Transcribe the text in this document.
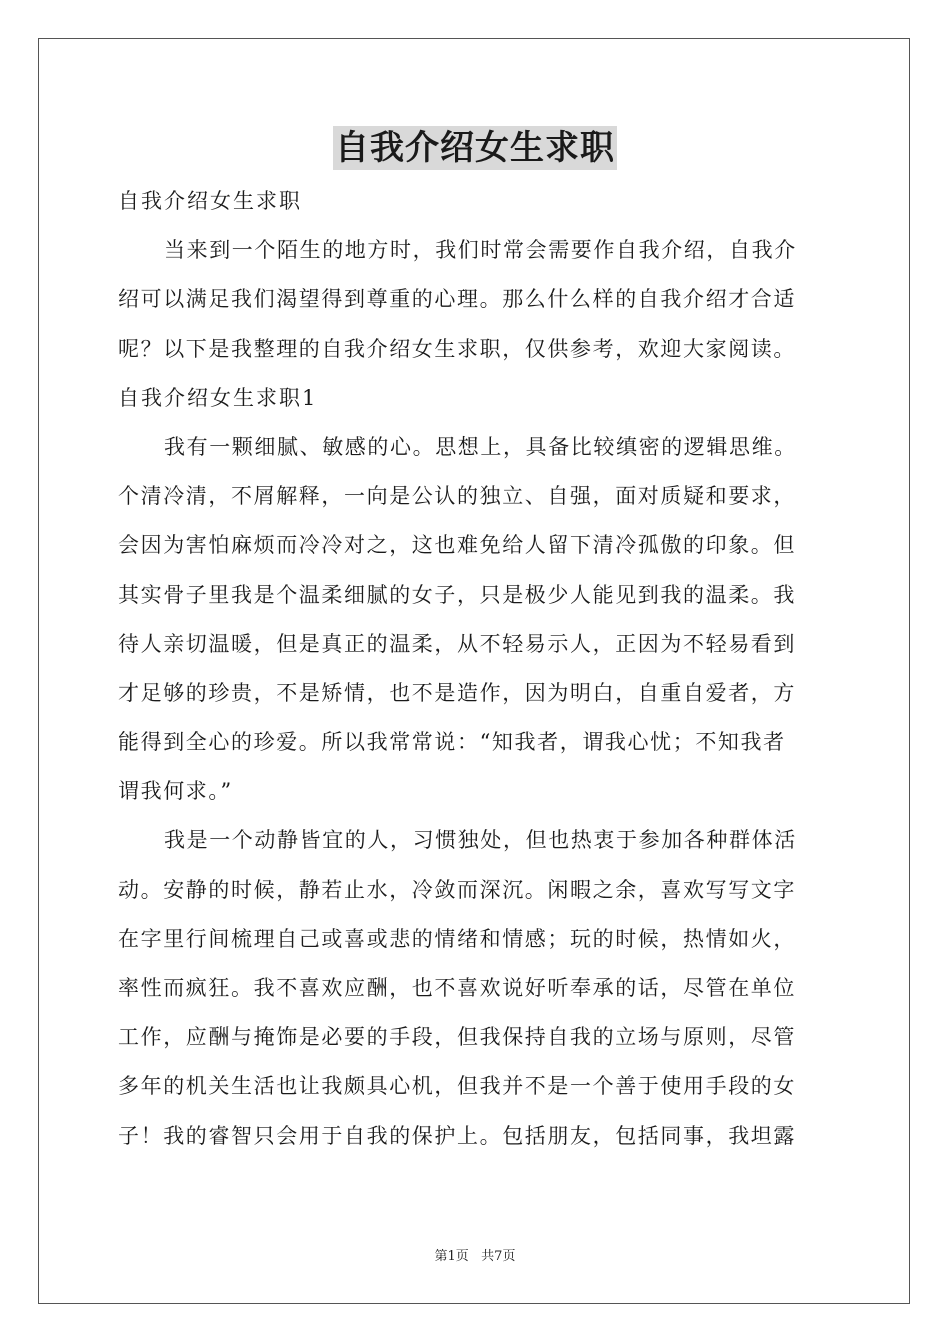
自我介绍女生求职
自我介绍女生求职
当来到一个陌生的地方时，我们时常会需要作自我介绍，自我介
绍可以满足我们渴望得到尊重的心理。那么什么样的自我介绍才合适
呢？以下是我整理的自我介绍女生求职，仅供参考，欢迎大家阅读。
自我介绍女生求职1
我有一颗细腻、敏感的心。思想上，具备比较缜密的逻辑思维。
个清冷清，不屑解释，一向是公认的独立、自强，面对质疑和要求，
会因为害怕麻烦而冷冷对之，这也难免给人留下清冷孤傲的印象。但
其实骨子里我是个温柔细腻的女子，只是极少人能见到我的温柔。我
待人亲切温暖，但是真正的温柔，从不轻易示人，正因为不轻易看到
才足够的珍贵，不是矫情，也不是造作，因为明白，自重自爱者，方
能得到全心的珍爱。所以我常常说：“知我者，谓我心忧；不知我者
谓我何求。”
我是一个动静皆宜的人，习惯独处，但也热衷于参加各种群体活
动。安静的时候，静若止水，冷敛而深沉。闲暇之余，喜欢写写文字
在字里行间梳理自己或喜或悲的情绪和情感；玩的时候，热情如火，
率性而疯狂。我不喜欢应酬，也不喜欢说好听奉承的话，尽管在单位
工作，应酬与掩饰是必要的手段，但我保持自我的立场与原则，尽管
多年的机关生活也让我颇具心机，但我并不是一个善于使用手段的女
子！我的睿智只会用于自我的保护上。包括朋友，包括同事，我坦露
第1页   共7页
